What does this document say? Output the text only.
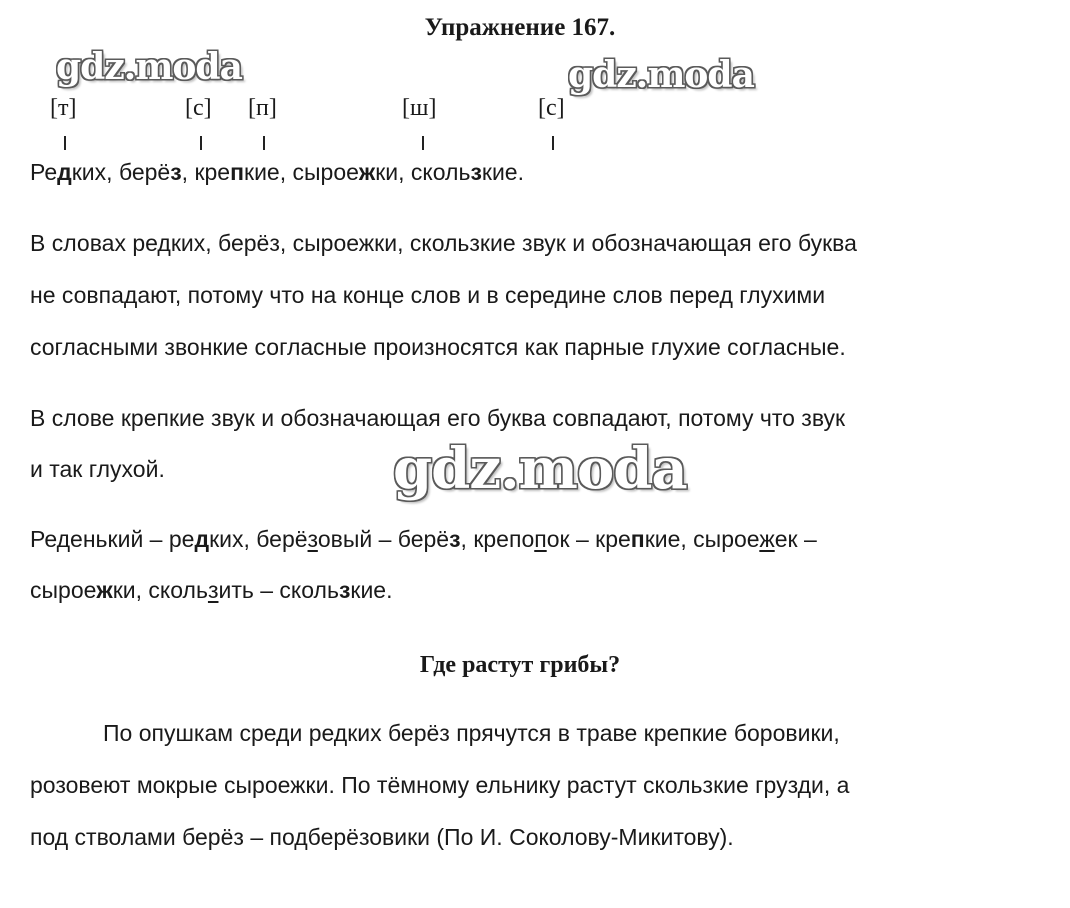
Упражнение 167.
gdz.moda	gdz.moda
[т]	[с] [п]	[ш]	[с]
Редких, берёз, крепкие, сыроежки, скользкие.
В словах редких, берёз, сыроежки, скользкие звук и обозначающая его буква
не совпадают, потому что на конце слов и в середине слов перед глухими
согласными звонкие согласные произносятся как парные глухие согласные.
В слове крепкие звук и обозначающая его буква совпадают, потому что звук
и так глухой.	gdz.moda
Реденький – редких, берёзовый – берёз, крепопок – крепкие, сыроежек –
сыроежки, скользить – скользкие.
Где растут грибы?
По опушкам среди редких берёз прячутся в траве крепкие боровики,
розовеют мокрые сыроежки. По тёмному ельнику растут скользкие грузди, а
под стволами берёз – подберёзовики (По И. Соколову-Микитову).
